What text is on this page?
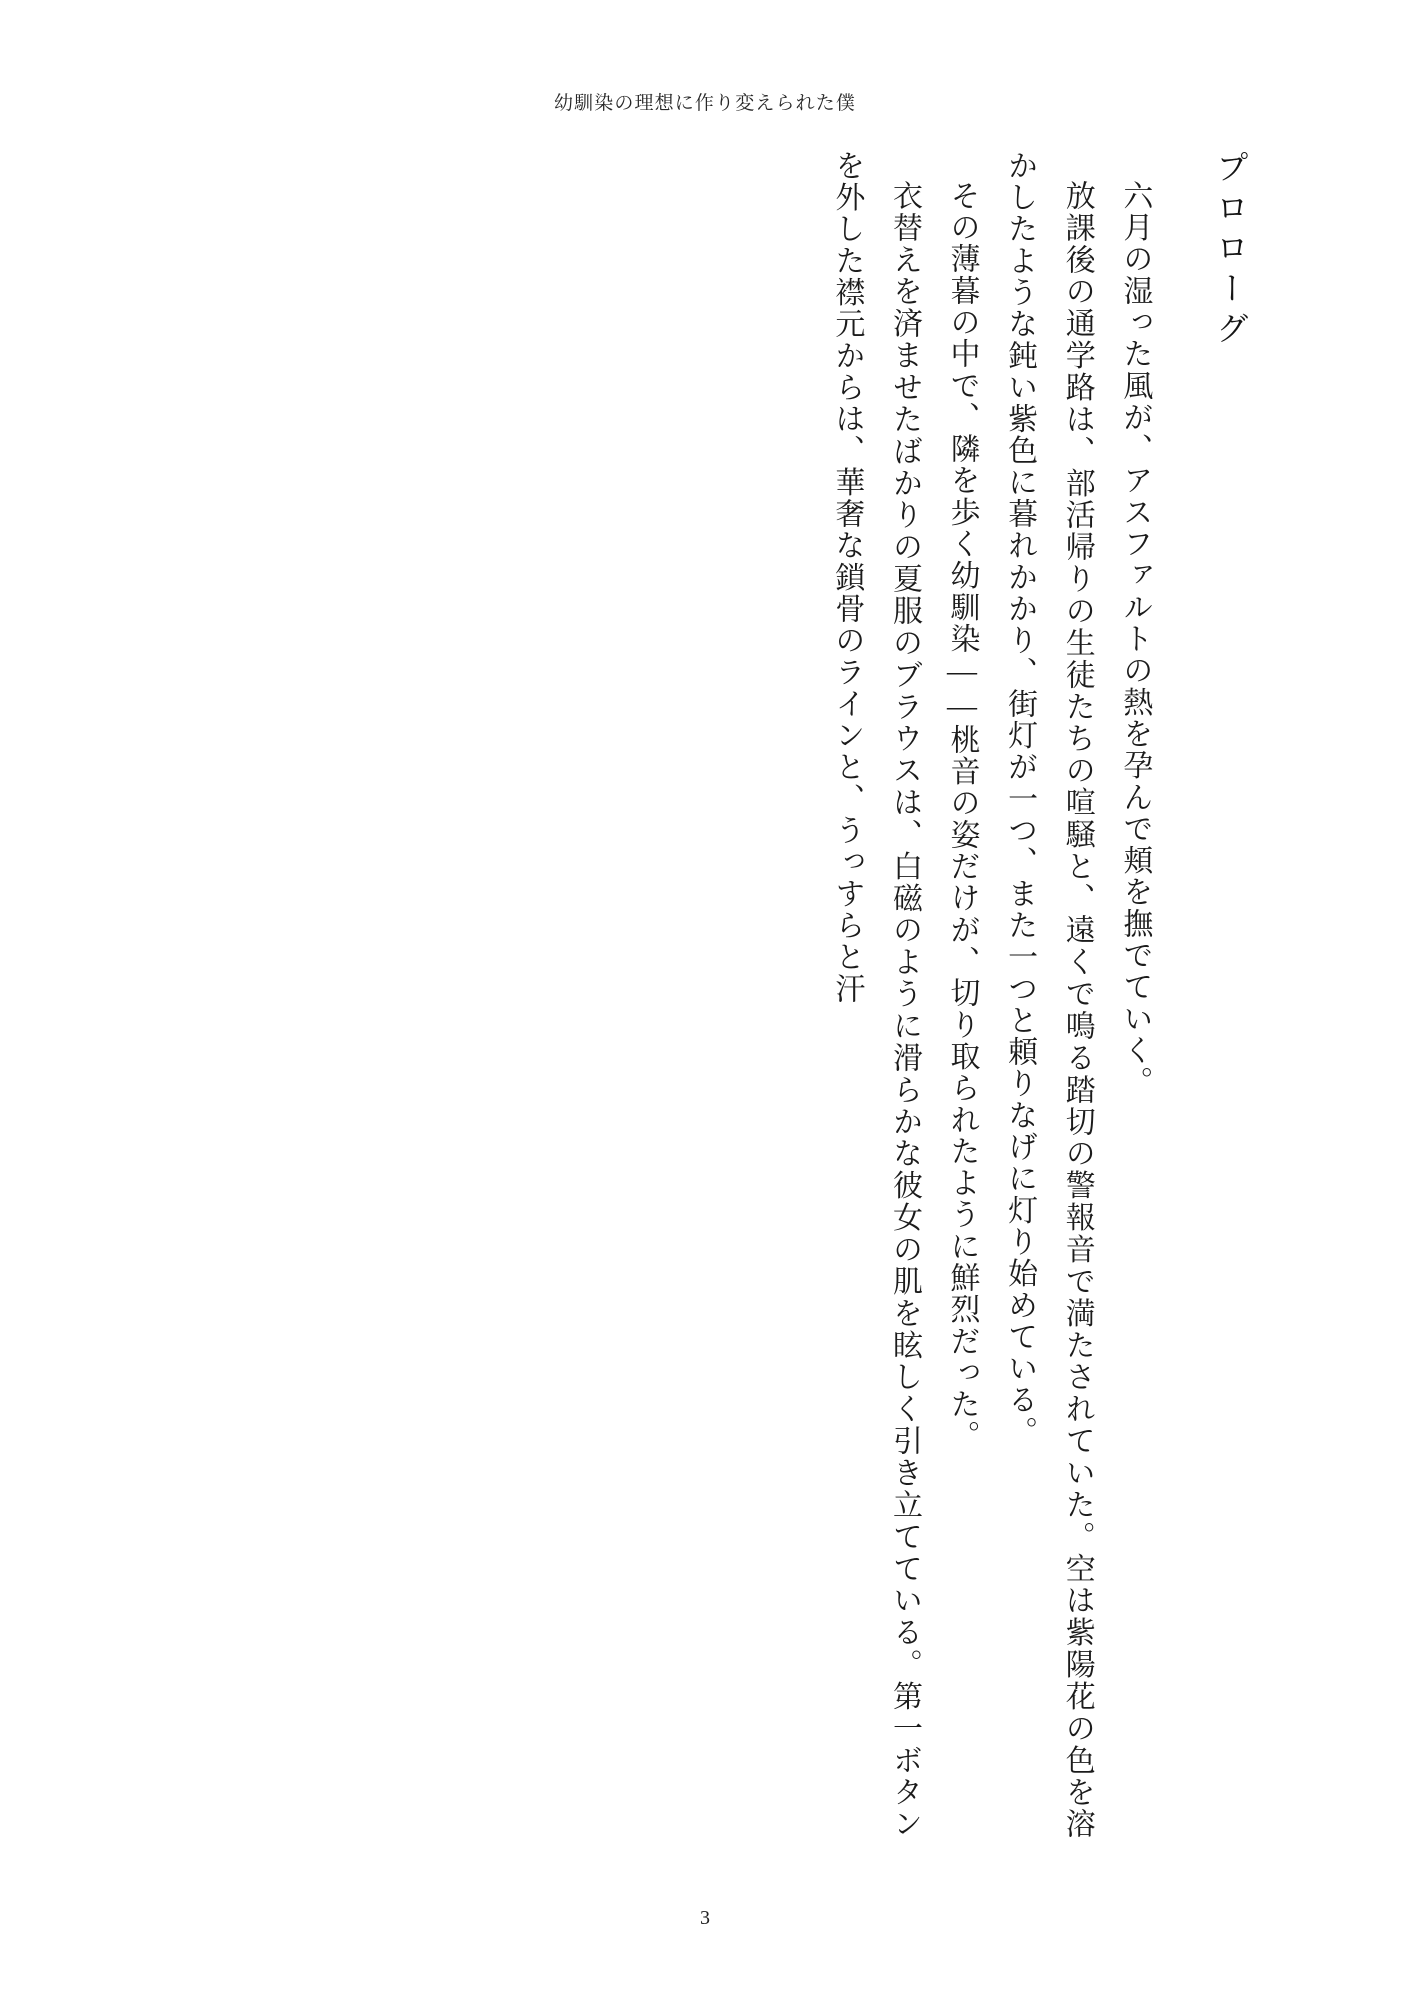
幼馴染の理想に作り変えられた僕
プロローグ
六月の湿った風が、アスファルトの熱を孕んで頬を撫でていく。
放課後の通学路は、部活帰りの生徒たちの喧騒と、遠くで鳴る踏切の警報音で満たされていた。空は紫陽花の色を溶かしたような鈍い紫色に暮れかかり、街灯が一つ、また一つと頼りなげに灯り始めている。
その薄暮の中で、隣を歩く幼馴染――桃音の姿だけが、切り取られたように鮮烈だった。
衣替えを済ませたばかりの夏服のブラウスは、白磁のように滑らかな彼女の肌を眩しく引き立てている。第一ボタンを外した襟元からは、華奢な鎖骨のラインと、うっすらと汗
3
